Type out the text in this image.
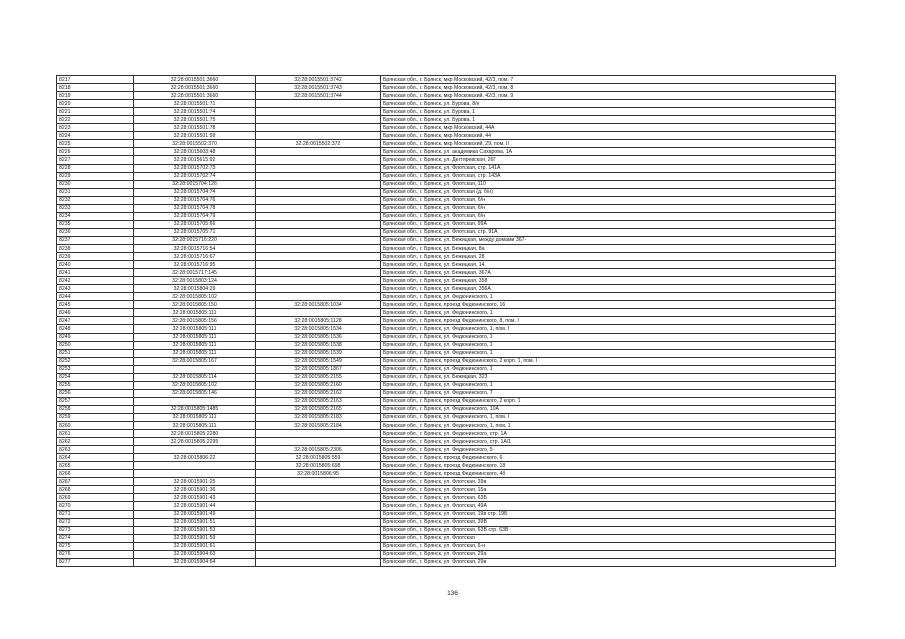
8217	32:28:0015501:3660	32:28:0015501:3742	Брянская обл., г. Брянск, мкр Московский, 42/3, пом. 7
8218	32:28:0015501:3660	32:28:0015501:3743	Брянская обл., г. Брянск, мкр Московский, 42/3, пом. 8
8219	32:28:0015501:3660	32:28:0015501:3744	Брянская обл., г. Брянск, мкр Московский, 42/3, пом. 9
8220	32:28:0015501:71		Брянская обл., г. Брянск, ул. Бурова, 8/н
8221	32:28:0015501:74		Брянская обл., г. Брянск, ул. Бурова, 1
8222	32:28:0015501:75		Брянская обл., г. Брянск, ул. Бурова, 1
8223	32:28:0015501:78		Брянская обл., г. Брянск, мкр Московский, 44А
8224	32:28:0015501:99		Брянская обл., г. Брянск, мкр Московский, 44
8225	32:28:0015502:370	32:28:0015502:372	Брянская обл., г. Брянск, мкр Московский, 29, пом. II
8226	32:28:0015603:48		Брянская обл., г. Брянск, ул. академика Сахарова, 1А
8227	32:28:0015615:92		Брянская обл., г. Брянск, ул. Дегтяревская, 26Г
8228	32:28:0015702:73		Брянская обл., г. Брянск, ул. Флотская, стр. 141А
8229	32:28:0015702:74		Брянская обл., г. Брянск, ул. Флотская, стр. 143А
8230	32:28:0015704:126		Брянская обл., г. Брянск, ул. Флотская, 110
8231	32:28:0015704:74		Брянская обл., г. Брянск, ул. Флотская (д. б/н)
8232	32:28:0015704:76		Брянская обл., г. Брянск, ул. Флотская, б/н
8233	32:28:0015704:78		Брянская обл., г. Брянск, ул. Флотская, б/н
8234	32:28:0015704:79		Брянская обл., г. Брянск, ул. Флотская, б/н
8235	32:28:0015705:66		Брянская обл., г. Брянск, ул. Флотская, 99А
8236	32:28:0015705:71		Брянская обл., г. Брянск, ул. Флотская, стр. 91А
8237	32:28:0015716:220		Брянская обл., г. Брянск, ул. Бежицкая, между домами 367-
8238	32:28:0015716:54		Брянская обл., г. Брянск, ул. Бежицкая, 8а
8239	32:28:0015716:67		Брянская обл., г. Брянск, ул. Бежицкая, 28
8240	32:28:0015716:95		Брянская обл., г. Брянск, ул. Бежицкая, 14
8241	32:28:0015717:145		Брянская обл., г. Брянск, ул. Бежицкая, 367А
8242	32:28:0015803:124		Брянская обл., г. Брянск, ул. Бежицкая, 358
8243	32:28:0015804:29		Брянская обл., г. Брянск, ул. Бежицкая, 356А
8244	32:28:0015805:102		Брянская обл., г. Брянск, ул. Федюнинского, 1
8245	32:28:0015805:150	32:28:0015805:1034	Брянская обл., г. Брянск, проезд Федюнинского, 16
8246	32:28:0015805:111		Брянская обл., г. Брянск, ул. Федюнинского, 1
8247	32:28:0015805:156	32:28:0015805:1128	Брянская обл., г. Брянск, проезд Федюнинского, 8, пом. I
8248	32:28:0015805:111	32:28:0015805:1534	Брянская обл., г. Брянск, ул. Федюнинского, 1, пом. I
8249	32:28:0015805:111	32:28:0015805:1536	Брянская обл., г. Брянск, ул. Федюнинского, 1
8250	32:28:0015805:111	32:28:0015805:1538	Брянская обл., г. Брянск, ул. Федюнинского, 1
8251	32:28:0015805:111	32:28:0015805:1539	Брянская обл., г. Брянск, ул. Федюнинского, 1
8252	32:28:0015805:167	32:28:0015805:1549	Брянская обл., г. Брянск, проезд Федюнинского, 2 корп. 1, пом. I
8253		32:28:0015805:1867	Брянская обл., г. Брянск, ул. Федюнинского, 1
8254	32:28:0015805:114	32:28:0015805:2155	Брянская обл., г. Брянск, ул. Бежицкая, 323
8255	32:28:0015805:102	32:28:0015805:2160	Брянская обл., г. Брянск, ул. Федюнинского, 1
8256	32:28:0015805:146	32:28:0015805:2162	Брянская обл., г. Брянск, ул. Федюнинского, 7
8257		32:28:0015805:2163	Брянская обл., г. Брянск, проезд Федюнинского, 2 корп. 1
8258	32:28:0015805:1485	32:28:0015805:2165	Брянская обл., г. Брянск, ул. Федюнинского, 10А
8259	32:28:0015805:111	32:28:0015805:2183	Брянская обл., г. Брянск, ул. Федюнинского, 1, пом. I
8260	32:28:0015805:111	32:28:0015805:2184	Брянская обл., г. Брянск, ул. Федюнинского, 1, пом. 1
8261	32:28:0015805:2280		Брянская обл., г. Брянск, ул. Федюнинского, стр. 1А
8262	32:28:0015805:2295		Брянская обл., г. Брянск, ул. Федюнинского, стр. 1А/1
8263		32:28:0015805:2306	Брянская обл., г. Брянск, ул. Федюнинского, 5
8264	32:28:0015806:22	32:28:0015805:559	Брянская обл., г. Брянск, проезд Федюнинского, 6
8265		32:28:0015805:698	Брянская обл., г. Брянск, проезд Федюнинского, 18
8266		32:28:0015806:95	Брянская обл., г. Брянск, проезд Федюнинского, 4б
8267	32:28:0015901:25		Брянская обл., г. Брянск, ул. Флотская, 39в
8268	32:28:0015901:36		Брянская обл., г. Брянск, ул. Флотская, 15а
8269	32:28:0015901:43		Брянская обл., г. Брянск, ул. Флотская, 63Б
8270	32:28:0015901:44		Брянская обл., г. Брянск, ул. Флотская, 49А
8271	32:28:0015901:49		Брянская обл., г. Брянск, ул. Флотская, 19в стр. 19Б
8272	32:28:0015901:51		Брянская обл., г. Брянск, ул. Флотская, 39В
8273	32:28:0015901:53		Брянская обл., г. Брянск, ул. Флотская, 63В стр. 63В
8274	32:28:0015901:59		Брянская обл., г. Брянск, ул. Флотская
8275	32:28:0015901:61		Брянская обл., г. Брянск, ул. Флотская, 6-н
8276	32:28:0015904:63		Брянская обл., г. Брянск, ул. Флотская, 29а
8277	32:28:0015904:64		Брянская обл., г. Брянск, ул. Флотская, 29в
136
